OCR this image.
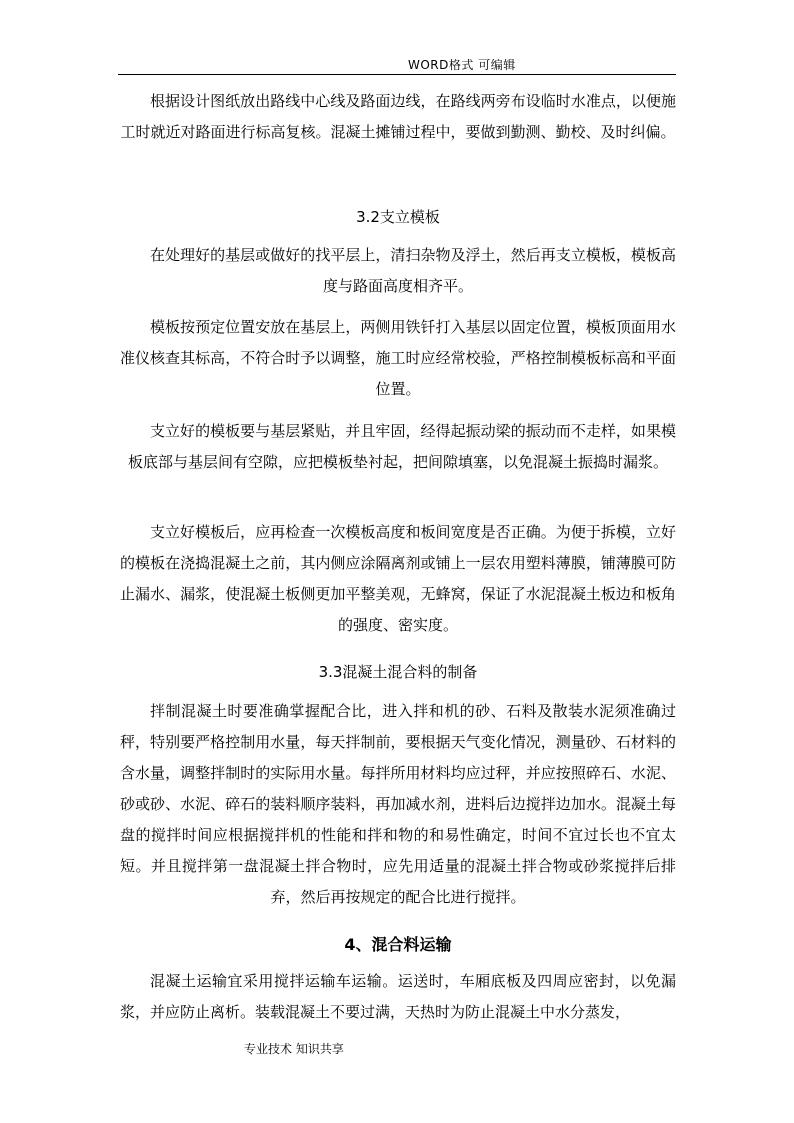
WORD格式 可编辑

根据设计图纸放出路线中心线及路面边线，在路线两旁布设临时水准点，以便施工时就近对路面进行标高复核。混凝土摊铺过程中，要做到勤测、勤校、及时纠偏。

3.2支立模板

在处理好的基层或做好的找平层上，清扫杂物及浮土，然后再支立模板，模板高度与路面高度相齐平。

模板按预定位置安放在基层上，两侧用铁钎打入基层以固定位置，模板顶面用水准仪核查其标高，不符合时予以调整，施工时应经常校验，严格控制模板标高和平面位置。

支立好的模板要与基层紧贴，并且牢固，经得起振动梁的振动而不走样，如果模板底部与基层间有空隙，应把模板垫衬起，把间隙填塞，以免混凝土振捣时漏浆。

支立好模板后，应再检查一次模板高度和板间宽度是否正确。为便于拆模，立好的模板在浇捣混凝土之前，其内侧应涂隔离剂或铺上一层农用塑料薄膜，铺薄膜可防止漏水、漏浆，使混凝土板侧更加平整美观，无蜂窝，保证了水泥混凝土板边和板角的强度、密实度。

3.3混凝土混合料的制备

拌制混凝土时要准确掌握配合比，进入拌和机的砂、石料及散装水泥须准确过秤，特别要严格控制用水量，每天拌制前，要根据天气变化情况，测量砂、石材料的含水量，调整拌制时的实际用水量。每拌所用材料均应过秤，并应按照碎石、水泥、砂或砂、水泥、碎石的装料顺序装料，再加减水剂，进料后边搅拌边加水。混凝土每盘的搅拌时间应根据搅拌机的性能和拌和物的和易性确定，时间不宜过长也不宜太短。并且搅拌第一盘混凝土拌合物时，应先用适量的混凝土拌合物或砂浆搅拌后排弃，然后再按规定的配合比进行搅拌。

4、混合料运输

混凝土运输宜采用搅拌运输车运输。运送时，车厢底板及四周应密封，以免漏浆，并应防止离析。装载混凝土不要过满，天热时为防止混凝土中水分蒸发，

专业技术 知识共享
